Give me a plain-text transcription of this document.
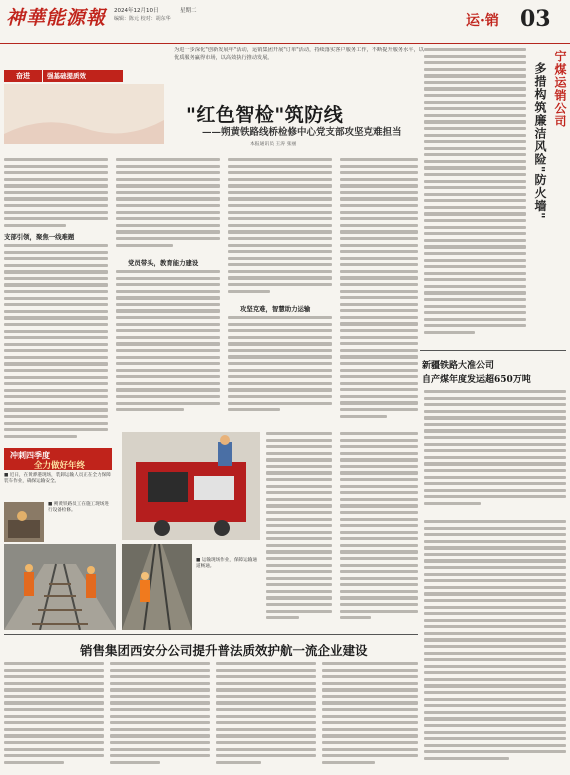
神華能源報 2024年12月10日	星期二
编辑：陈元 校对：胡东华	运·销 03
为进一步深化"创新发展年"活动，运销集团开展"订单"活动，持续落实客户服务工作，不断提升服务水平，以优质服务赢得市场，以高效执行推动发展。
奋进	强基础提质效
"红色智检"筑防线
——朔黄铁路线桥检修中心党支部攻坚克难担当
本报通讯员 王涛 张丽
支部引领，聚焦一线难题
党员带头，教育能力建设
攻坚克难，智慧助力运输
冲刺四季度
全力做好年终
■ 近日，在黄骅港现场，装卸运输人员正在全力保障装车作业，确保运输安全。
■ 朔黄铁路员工在施工现场进行设备检修。
■ 运输现场作业，保障运输通道畅通。
宁煤运销公司
多措构筑廉洁风险"防火墙"
新疆铁路大准公司
自产煤年度发运超650万吨
销售集团西安分公司提升普法质效护航一流企业建设
